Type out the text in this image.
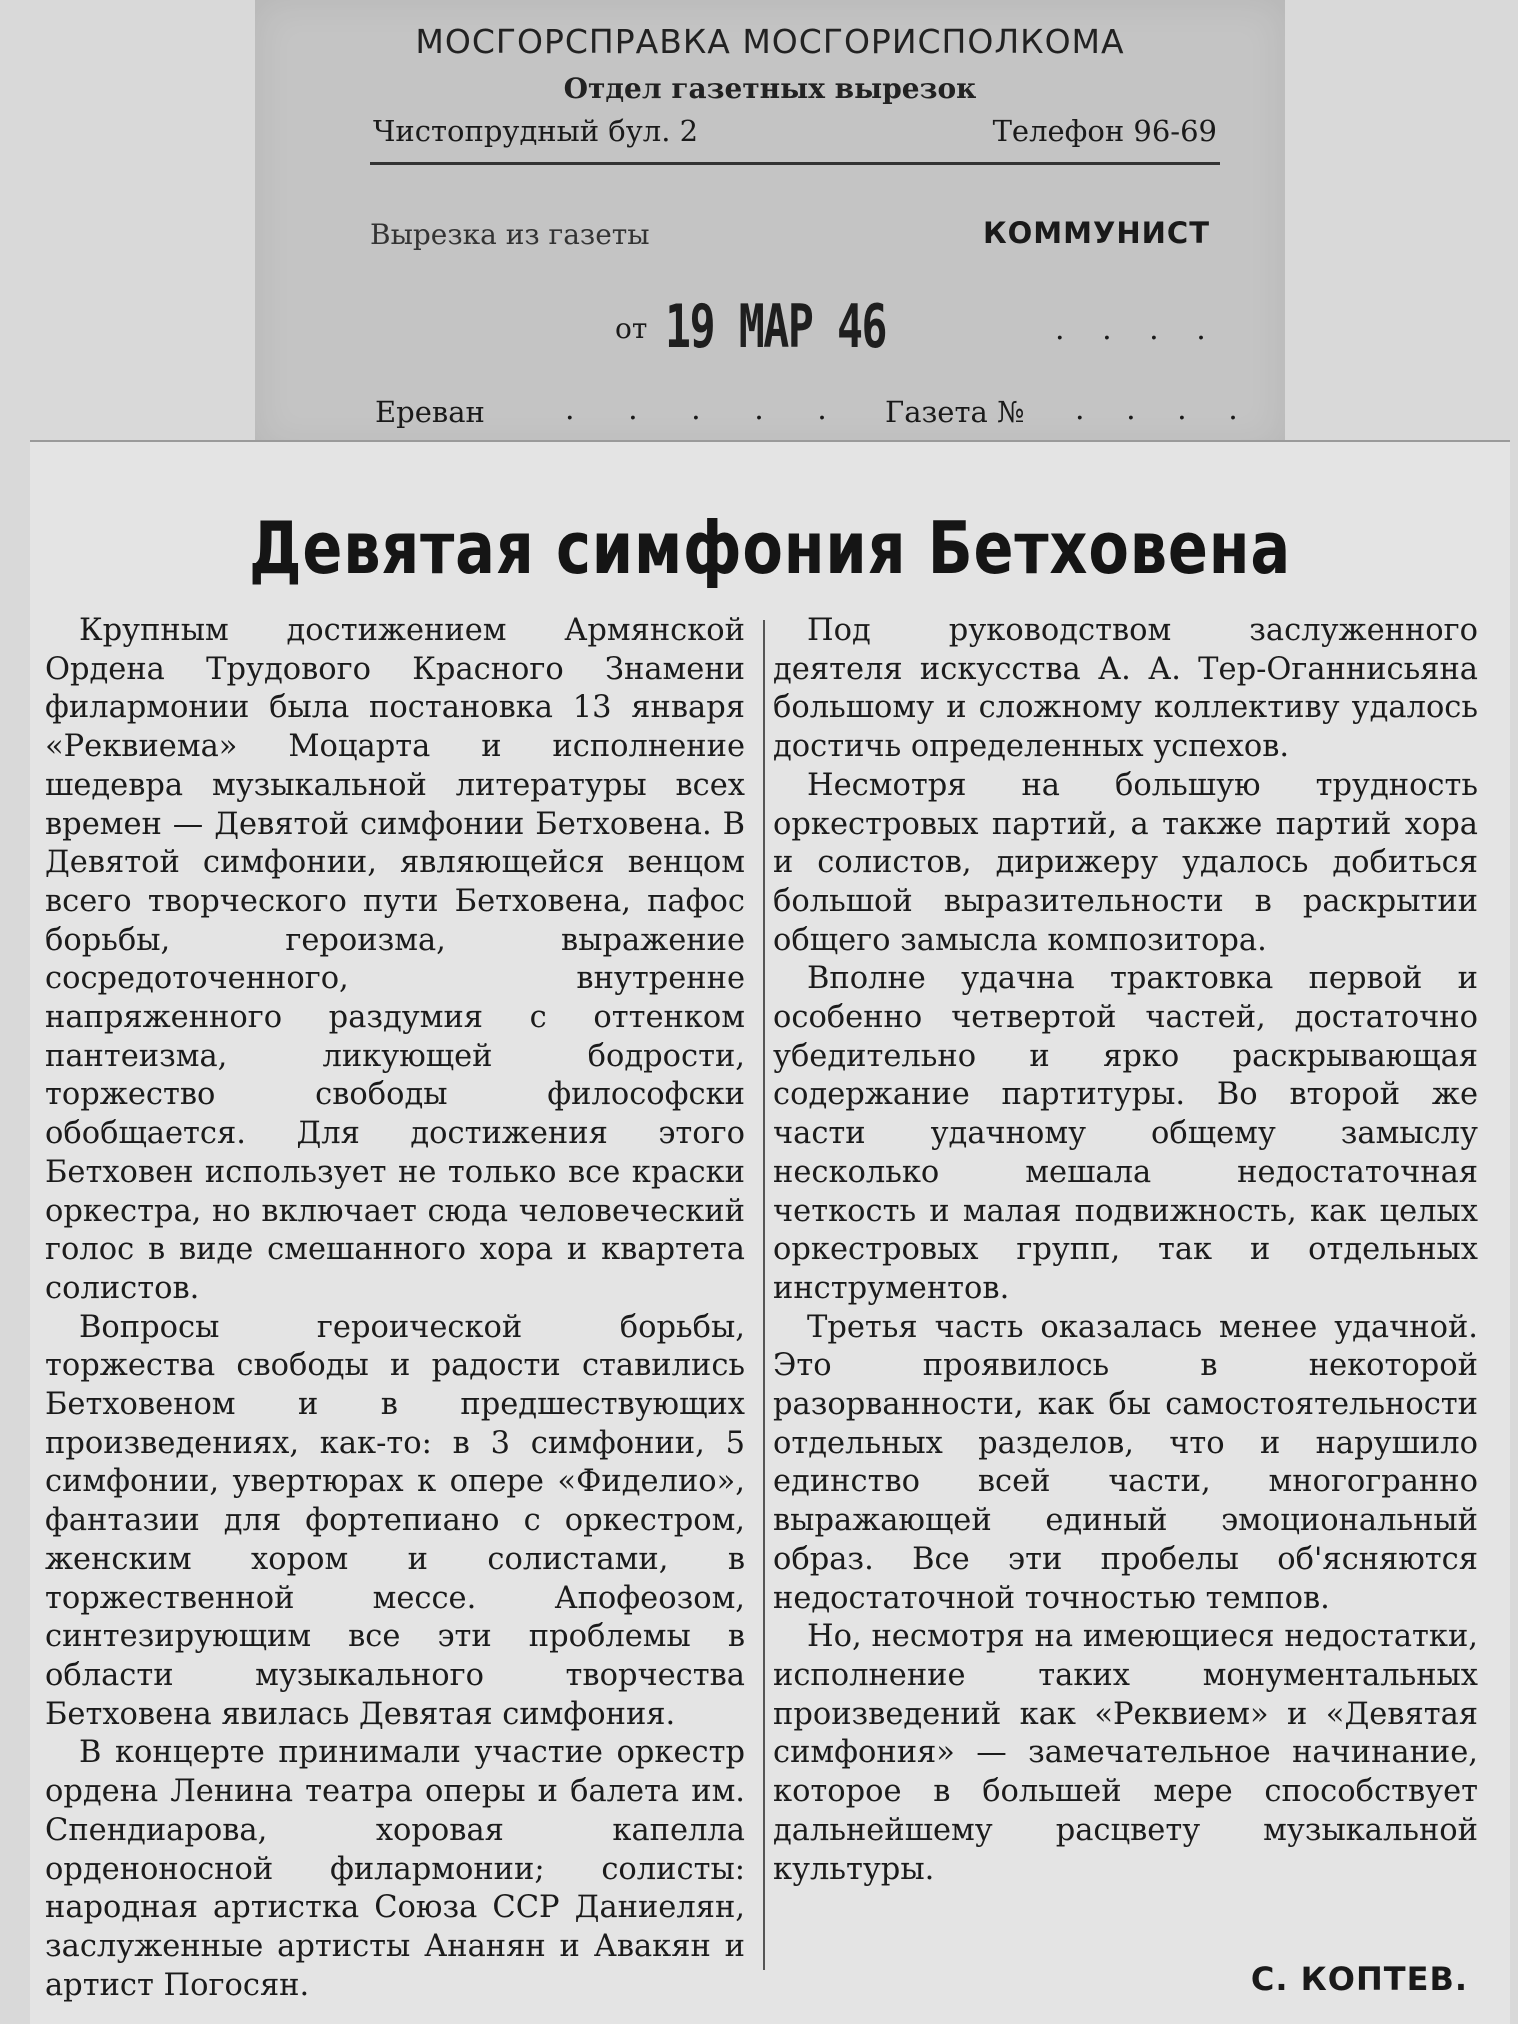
МОСГОРСПРАВКА МОСГОРИСПОЛКОМА
Отдел газетных вырезок
Чистопрудный бул. 2	Телефон 96-69
Вырезка из газеты	КОММУНИСТ
от 19 МАР 46	. . . .
Ереван	. . . . . Газета № . . . .
Девятая симфония Бетховена

Крупным достижением Армянской Ордена Трудового Красного Знамени филармонии была постановка 13 января «Реквиема» Моцарта и исполнение шедевра музыкальной литературы всех времен — Девятой симфонии Бетховена. В Девятой симфонии, являющейся венцом всего творческого пути Бетховена, пафос борьбы, героизма, выражение сосредоточенного, внутренне напряженного раздумия с оттенком пантеизма, ликующей бодрости, торжество свободы философски обобщается. Для достижения этого Бетховен использует не только все краски оркестра, но включает сюда человеческий голос в виде смешанного хора и квартета солистов.

Вопросы героической борьбы, торжества свободы и радости ставились Бетховеном и в предшествующих произведениях, как-то: в 3 симфонии, 5 симфонии, увертюрах к опере «Фиделио», фантазии для фортепиано с оркестром, женским хором и солистами, в торжественной мессе. Апофеозом, синтезирующим все эти проблемы в области музыкального творчества Бетховена явилась Девятая симфония.

В концерте принимали участие оркестр ордена Ленина театра оперы и балета им. Спендиарова, хоровая капелла орденоносной филармонии; солисты: народная артистка Союза ССР Даниелян, заслуженные артисты Ананян и Авакян и артист Погосян.

Под руководством заслуженного деятеля искусства А. А. Тер-Оганнисьяна большому и сложному коллективу удалось достичь определенных успехов.

Несмотря на большую трудность оркестровых партий, а также партий хора и солистов, дирижеру удалось добиться большой выразительности в раскрытии общего замысла композитора.

Вполне удачна трактовка первой и особенно четвертой частей, достаточно убедительно и ярко раскрывающая содержание партитуры. Во второй же части удачному общему замыслу несколько мешала недостаточная четкость и малая подвижность, как целых оркестровых групп, так и отдельных инструментов.

Третья часть оказалась менее удачной. Это проявилось в некоторой разорванности, как бы самостоятельности отдельных разделов, что и нарушило единство всей части, многогранно выражающей единый эмоциональный образ. Все эти пробелы об'ясняются недостаточной точностью темпов.

Но, несмотря на имеющиеся недостатки, исполнение таких монументальных произведений как «Реквием» и «Девятая симфония» — замечательное начинание, которое в большей мере способствует дальнейшему расцвету музыкальной культуры.

С. КОПТЕВ.
